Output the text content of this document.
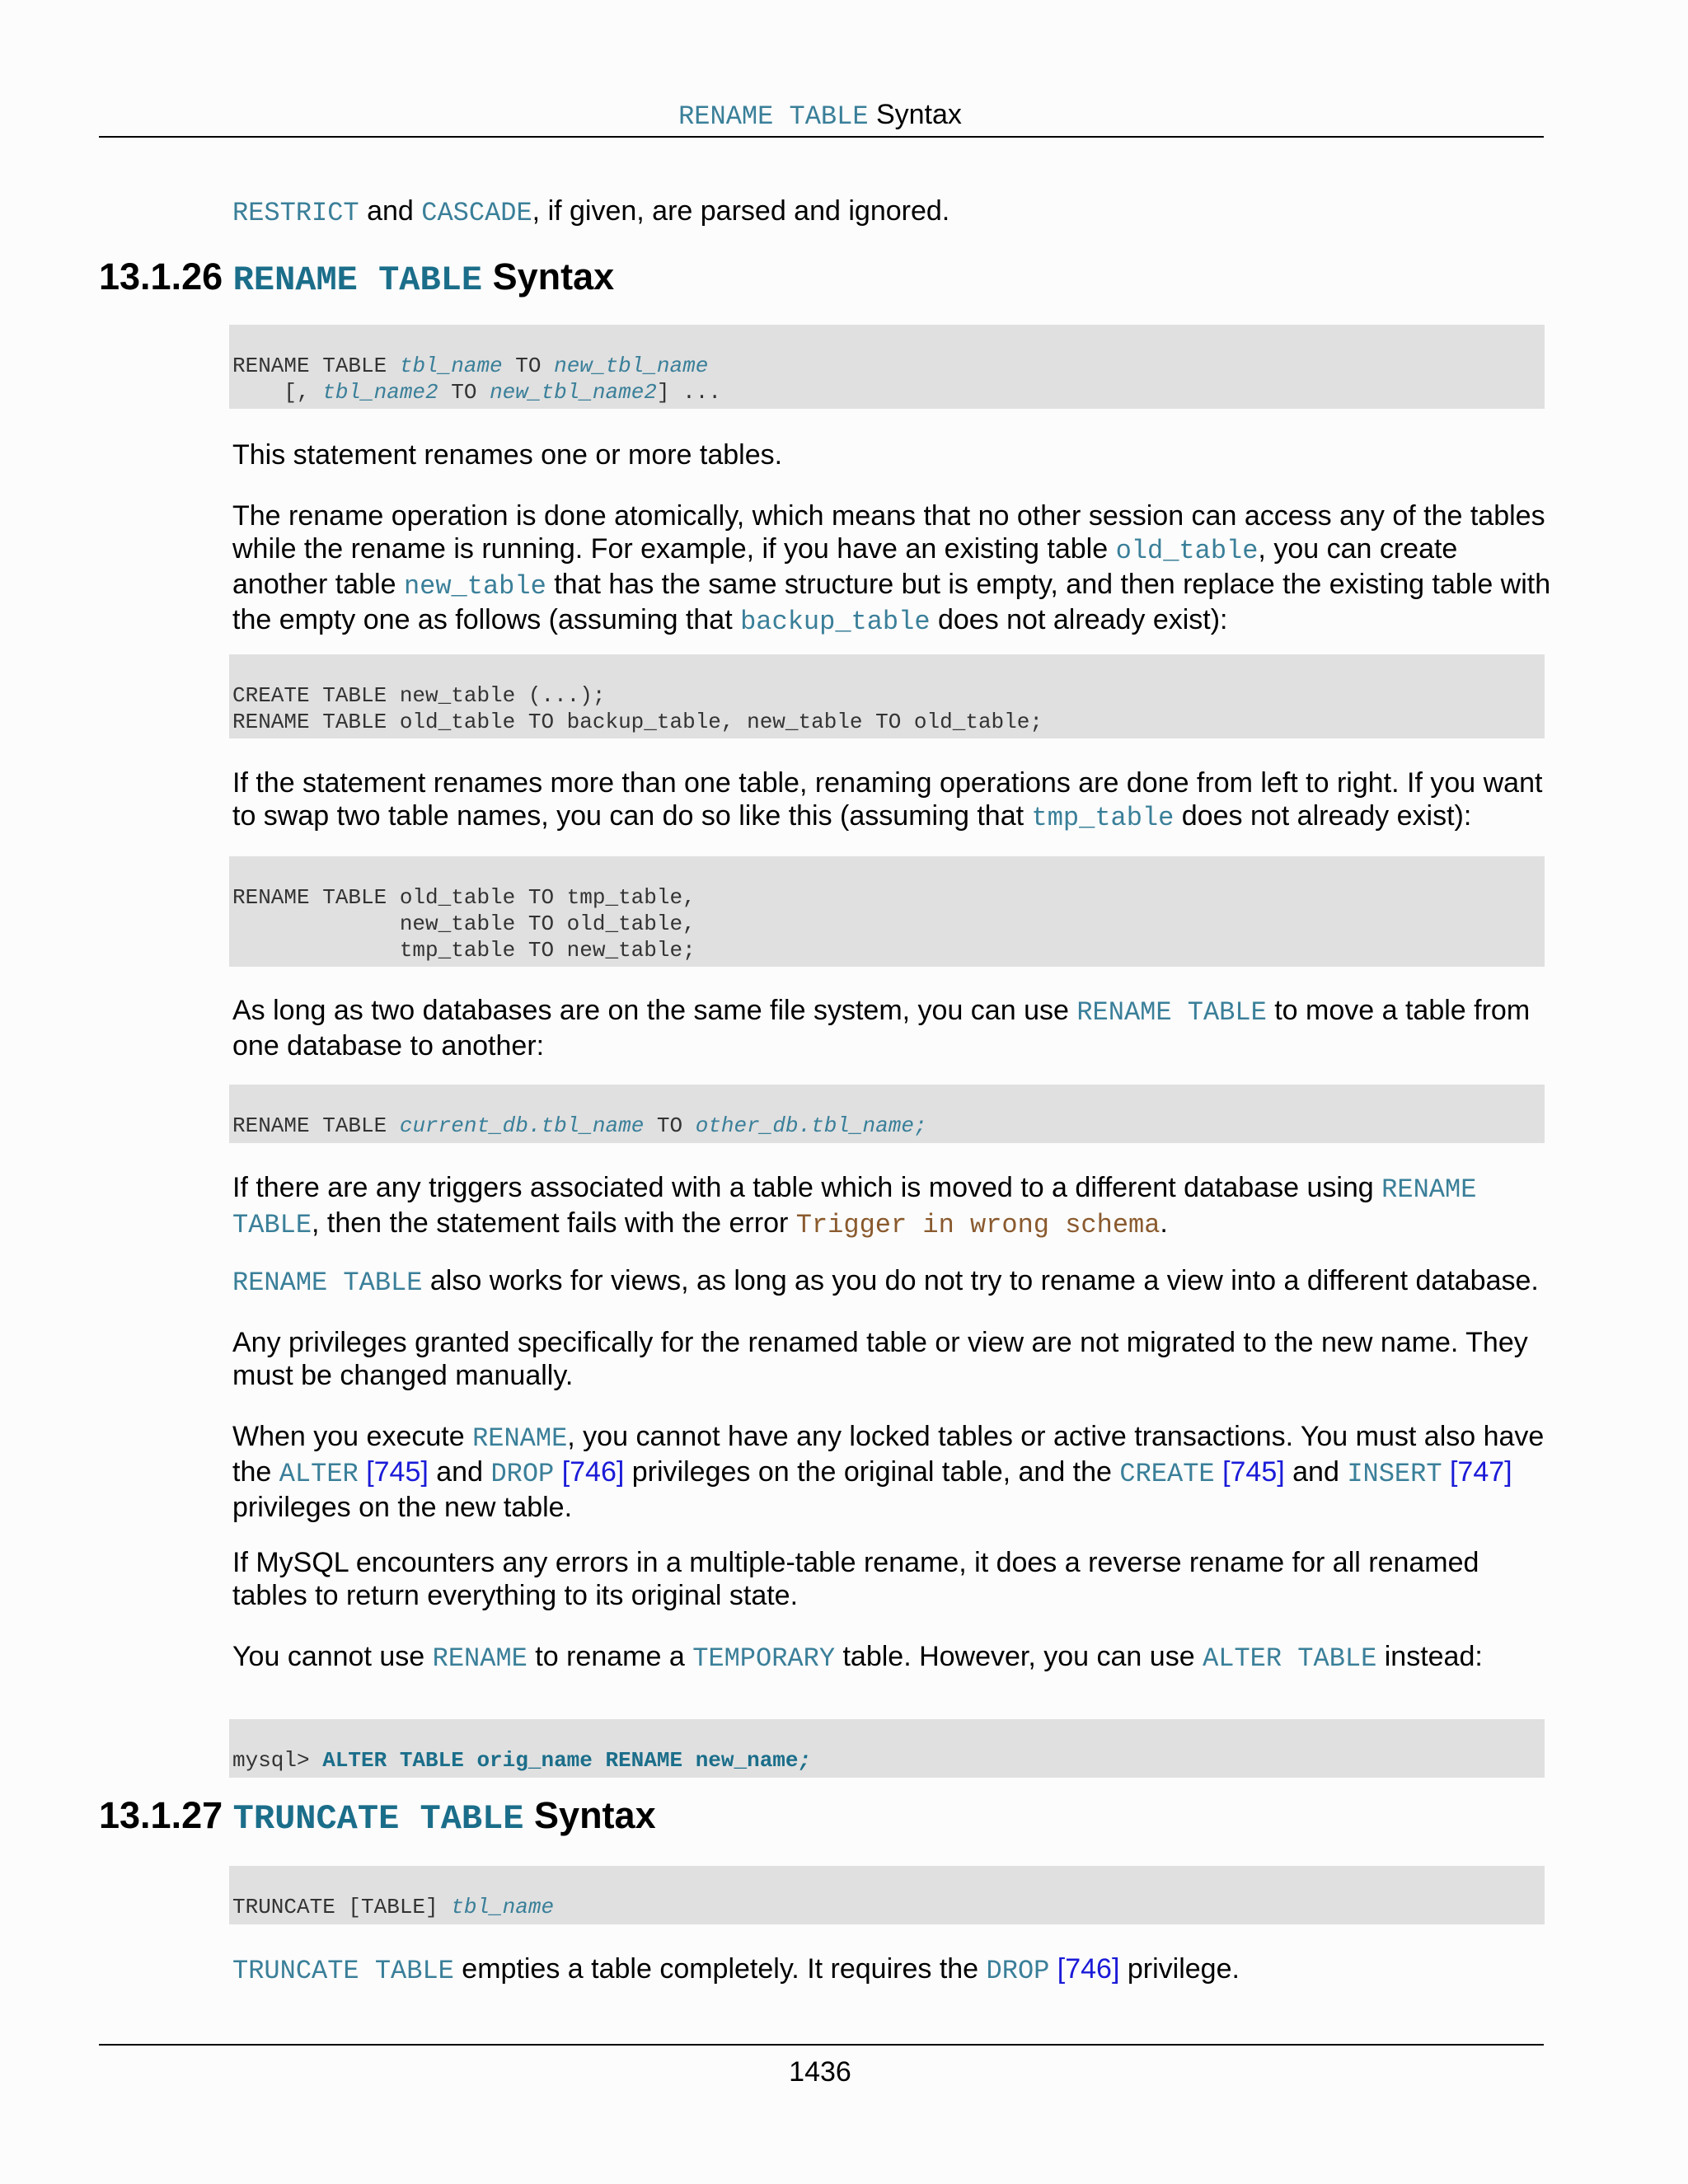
RENAME TABLE Syntax

RESTRICT and CASCADE, if given, are parsed and ignored.

13.1.26 RENAME TABLE Syntax
RENAME TABLE tbl_name TO new_tbl_name
[, tbl_name2 TO new_tbl_name2] ...

This statement renames one or more tables.

The rename operation is done atomically, which means that no other session can access any of the tables while the rename is running. For example, if you have an existing table old_table, you can create another table new_table that has the same structure but is empty, and then replace the existing table with the empty one as follows (assuming that backup_table does not already exist):

CREATE TABLE new_table (...);
RENAME TABLE old_table TO backup_table, new_table TO old_table;

If the statement renames more than one table, renaming operations are done from left to right. If you want to swap two table names, you can do so like this (assuming that tmp_table does not already exist):

RENAME TABLE old_table TO tmp_table,
new_table TO old_table,
tmp_table TO new_table;

As long as two databases are on the same file system, you can use RENAME TABLE to move a table from one database to another:

RENAME TABLE current_db.tbl_name TO other_db.tbl_name;

If there are any triggers associated with a table which is moved to a different database using RENAME TABLE, then the statement fails with the error Trigger in wrong schema.

RENAME TABLE also works for views, as long as you do not try to rename a view into a different database.

Any privileges granted specifically for the renamed table or view are not migrated to the new name. They must be changed manually.

When you execute RENAME, you cannot have any locked tables or active transactions. You must also have the ALTER [745] and DROP [746] privileges on the original table, and the CREATE [745] and INSERT [747] privileges on the new table.

If MySQL encounters any errors in a multiple-table rename, it does a reverse rename for all renamed tables to return everything to its original state.

You cannot use RENAME to rename a TEMPORARY table. However, you can use ALTER TABLE instead:

mysql> ALTER TABLE orig_name RENAME new_name;
13.1.27 TRUNCATE TABLE Syntax
TRUNCATE [TABLE] tbl_name

TRUNCATE TABLE empties a table completely. It requires the DROP [746] privilege.

1436
